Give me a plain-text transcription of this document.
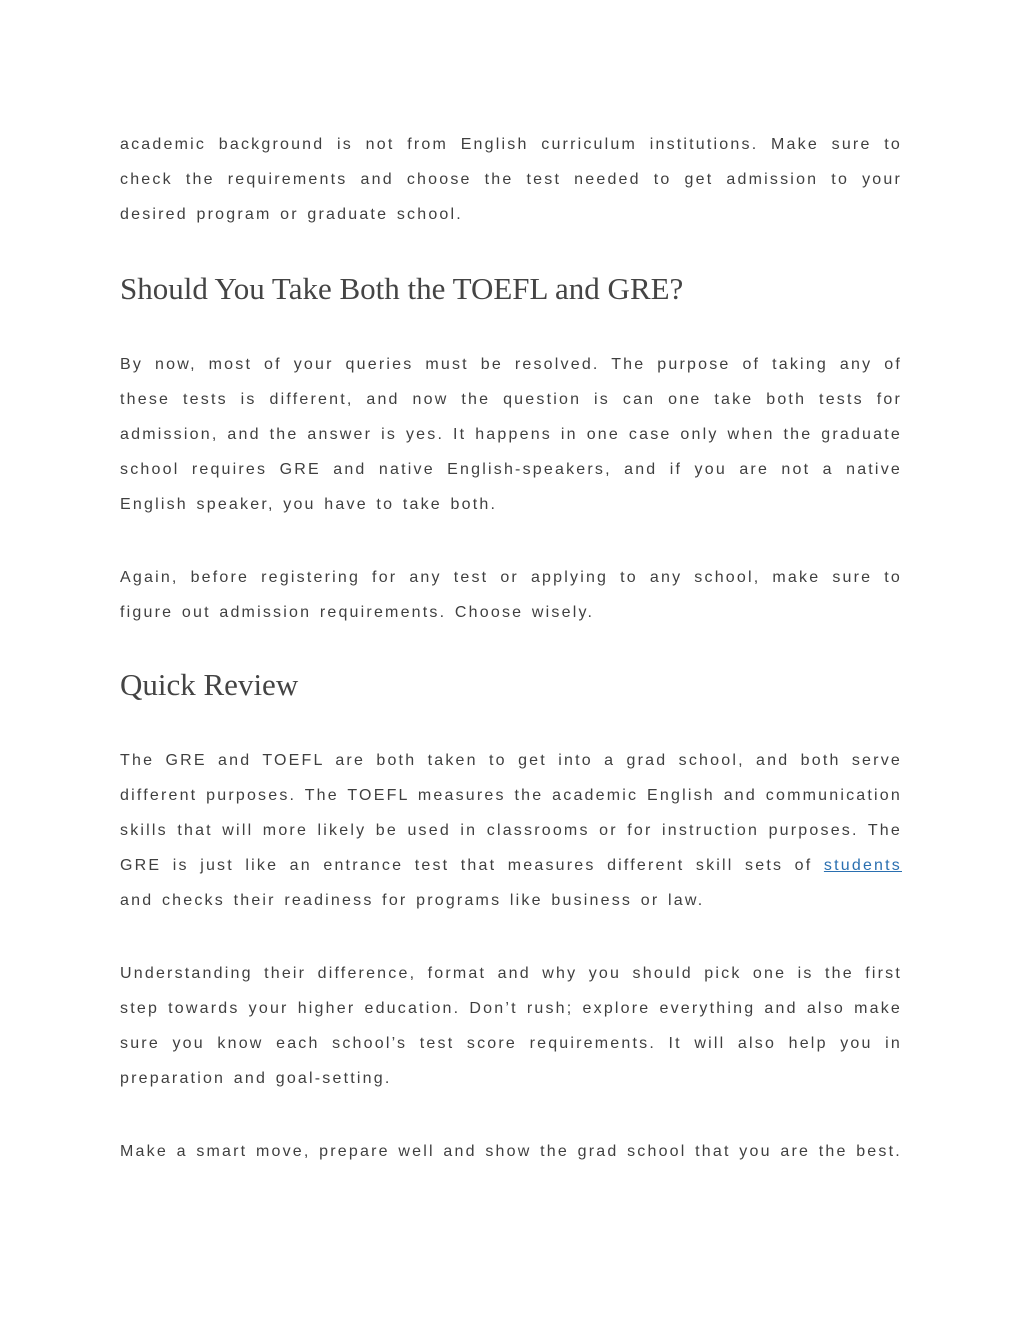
academic background is not from English curriculum institutions. Make sure to check the requirements and choose the test needed to get admission to your desired program or graduate school.

Should You Take Both the TOEFL and GRE?

By now, most of your queries must be resolved. The purpose of taking any of these tests is different, and now the question is can one take both tests for admission, and the answer is yes. It happens in one case only when the graduate school requires GRE and native English-speakers, and if you are not a native English speaker, you have to take both.

Again, before registering for any test or applying to any school, make sure to figure out admission requirements. Choose wisely.

Quick Review

The GRE and TOEFL are both taken to get into a grad school, and both serve different purposes. The TOEFL measures the academic English and communication skills that will more likely be used in classrooms or for instruction purposes. The GRE is just like an entrance test that measures different skill sets of students and checks their readiness for programs like business or law.

Understanding their difference, format and why you should pick one is the first step towards your higher education. Don’t rush; explore everything and also make sure you know each school’s test score requirements. It will also help you in preparation and goal-setting.

Make a smart move, prepare well and show the grad school that you are the best.
